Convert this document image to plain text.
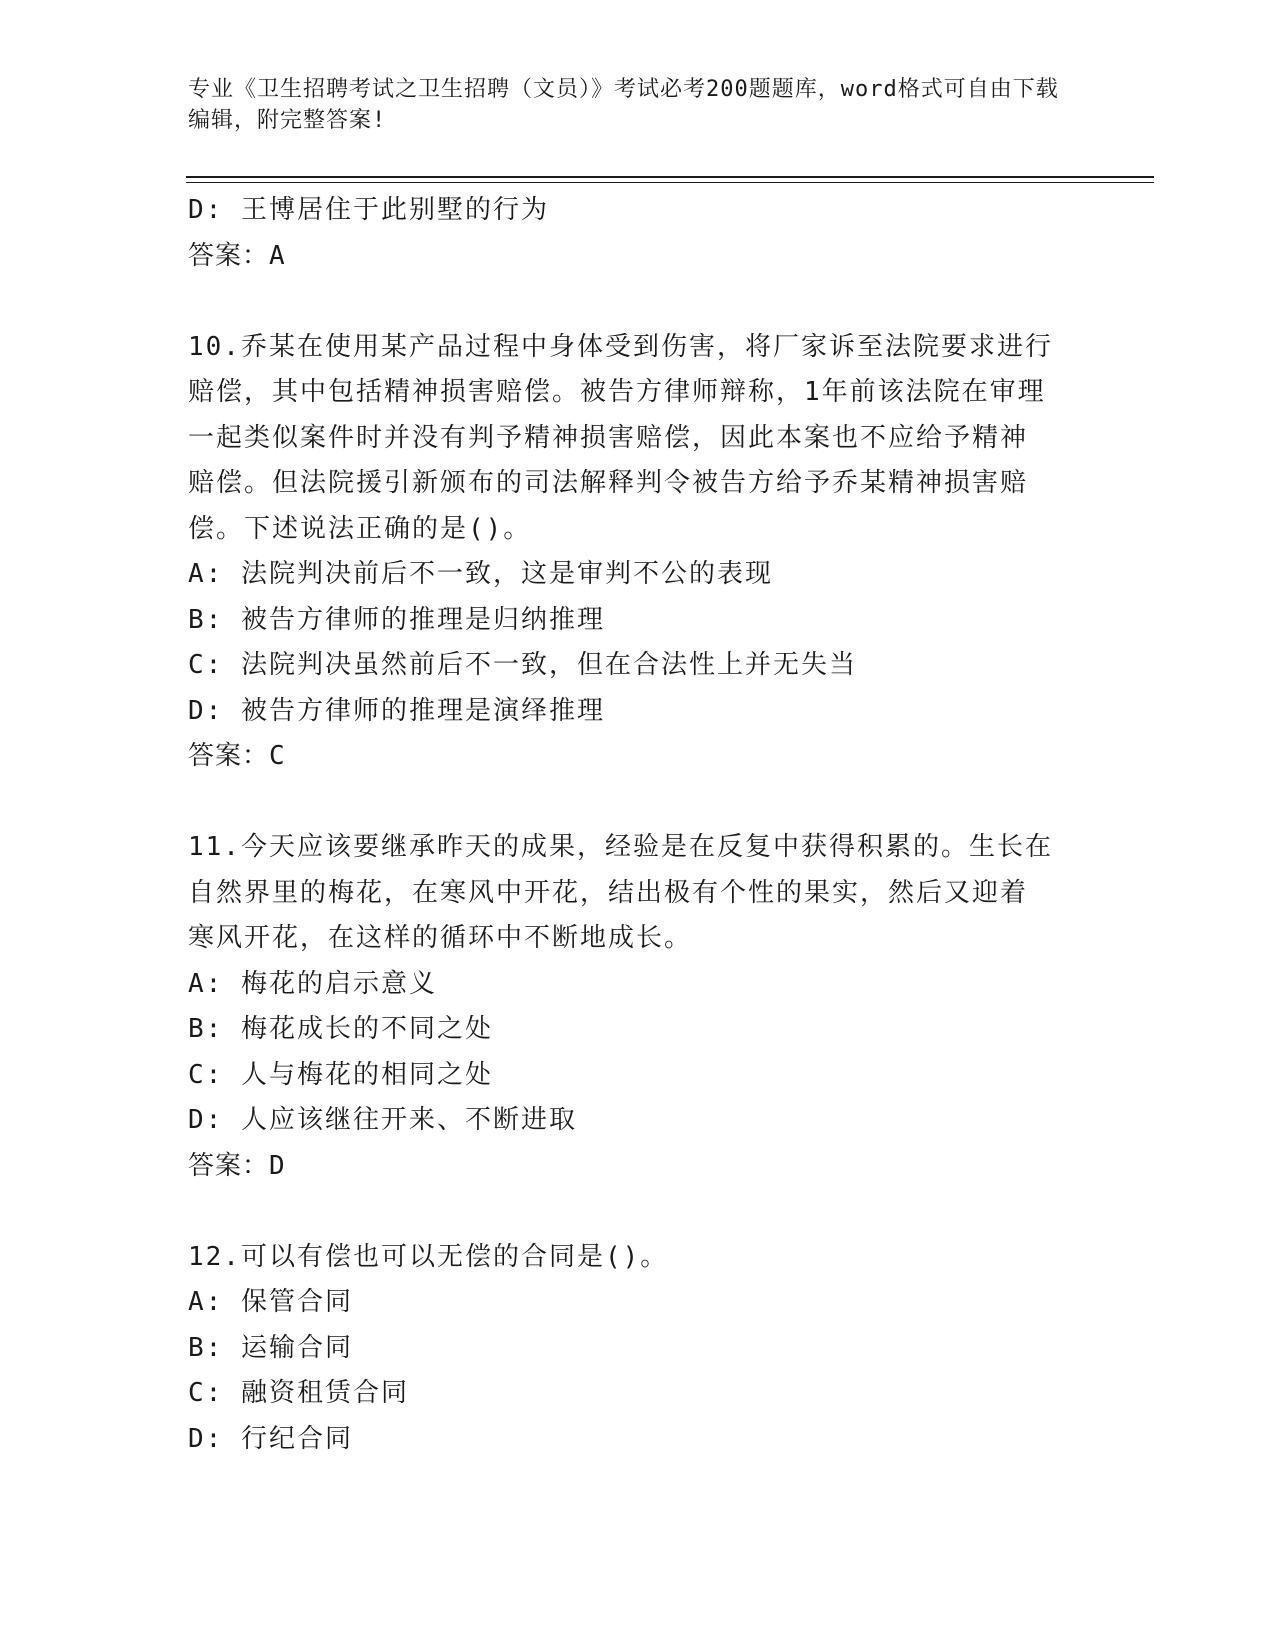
专业《卫生招聘考试之卫生招聘（文员）》考试必考200题题库，word格式可自由下载编辑，附完整答案!
D: 王博居住于此别墅的行为
答案：A
10.乔某在使用某产品过程中身体受到伤害，将厂家诉至法院要求进行
赔偿，其中包括精神损害赔偿。被告方律师辩称，1年前该法院在审理
一起类似案件时并没有判予精神损害赔偿，因此本案也不应给予精神
赔偿。但法院援引新颁布的司法解释判令被告方给予乔某精神损害赔
偿。下述说法正确的是()。
A: 法院判决前后不一致，这是审判不公的表现
B: 被告方律师的推理是归纳推理
C: 法院判决虽然前后不一致，但在合法性上并无失当
D: 被告方律师的推理是演绎推理
答案：C
11.今天应该要继承昨天的成果，经验是在反复中获得积累的。生长在
自然界里的梅花，在寒风中开花，结出极有个性的果实，然后又迎着
寒风开花，在这样的循环中不断地成长。
A: 梅花的启示意义
B: 梅花成长的不同之处
C: 人与梅花的相同之处
D: 人应该继往开来、不断进取
答案：D
12.可以有偿也可以无偿的合同是()。
A: 保管合同
B: 运输合同
C: 融资租赁合同
D: 行纪合同
